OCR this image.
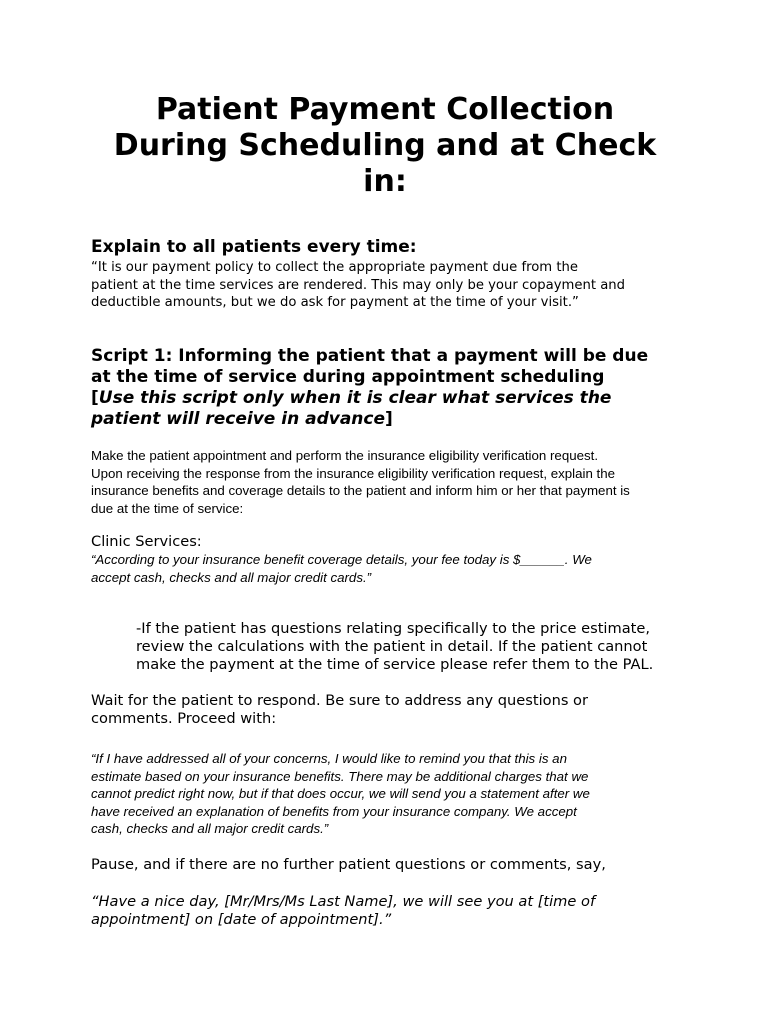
Patient Payment Collection
During Scheduling and at Check
in:
Explain to all patients every time:

“It is our payment policy to collect the appropriate payment due from the
patient at the time services are rendered. This may only be your copayment and
deductible amounts, but we do ask for payment at the time of your visit.”

Script 1: Informing the patient that a payment will be due
at the time of service during appointment scheduling
[Use this script only when it is clear what services the
patient will receive in advance]

Make the patient appointment and perform the insurance eligibility verification request.
Upon receiving the response from the insurance eligibility verification request, explain the
insurance benefits and coverage details to the patient and inform him or her that payment is
due at the time of service:

Clinic Services:

“According to your insurance benefit coverage details, your fee today is $______. We
accept cash, checks and all major credit cards.”

-If the patient has questions relating specifically to the price estimate,
review the calculations with the patient in detail. If the patient cannot
make the payment at the time of service please refer them to the PAL.

Wait for the patient to respond. Be sure to address any questions or
comments. Proceed with:

“If I have addressed all of your concerns, I would like to remind you that this is an
estimate based on your insurance benefits. There may be additional charges that we
cannot predict right now, but if that does occur, we will send you a statement after we
have received an explanation of benefits from your insurance company. We accept
cash, checks and all major credit cards.”

Pause, and if there are no further patient questions or comments, say,

“Have a nice day, [Mr/Mrs/Ms Last Name], we will see you at [time of
appointment] on [date of appointment].”
